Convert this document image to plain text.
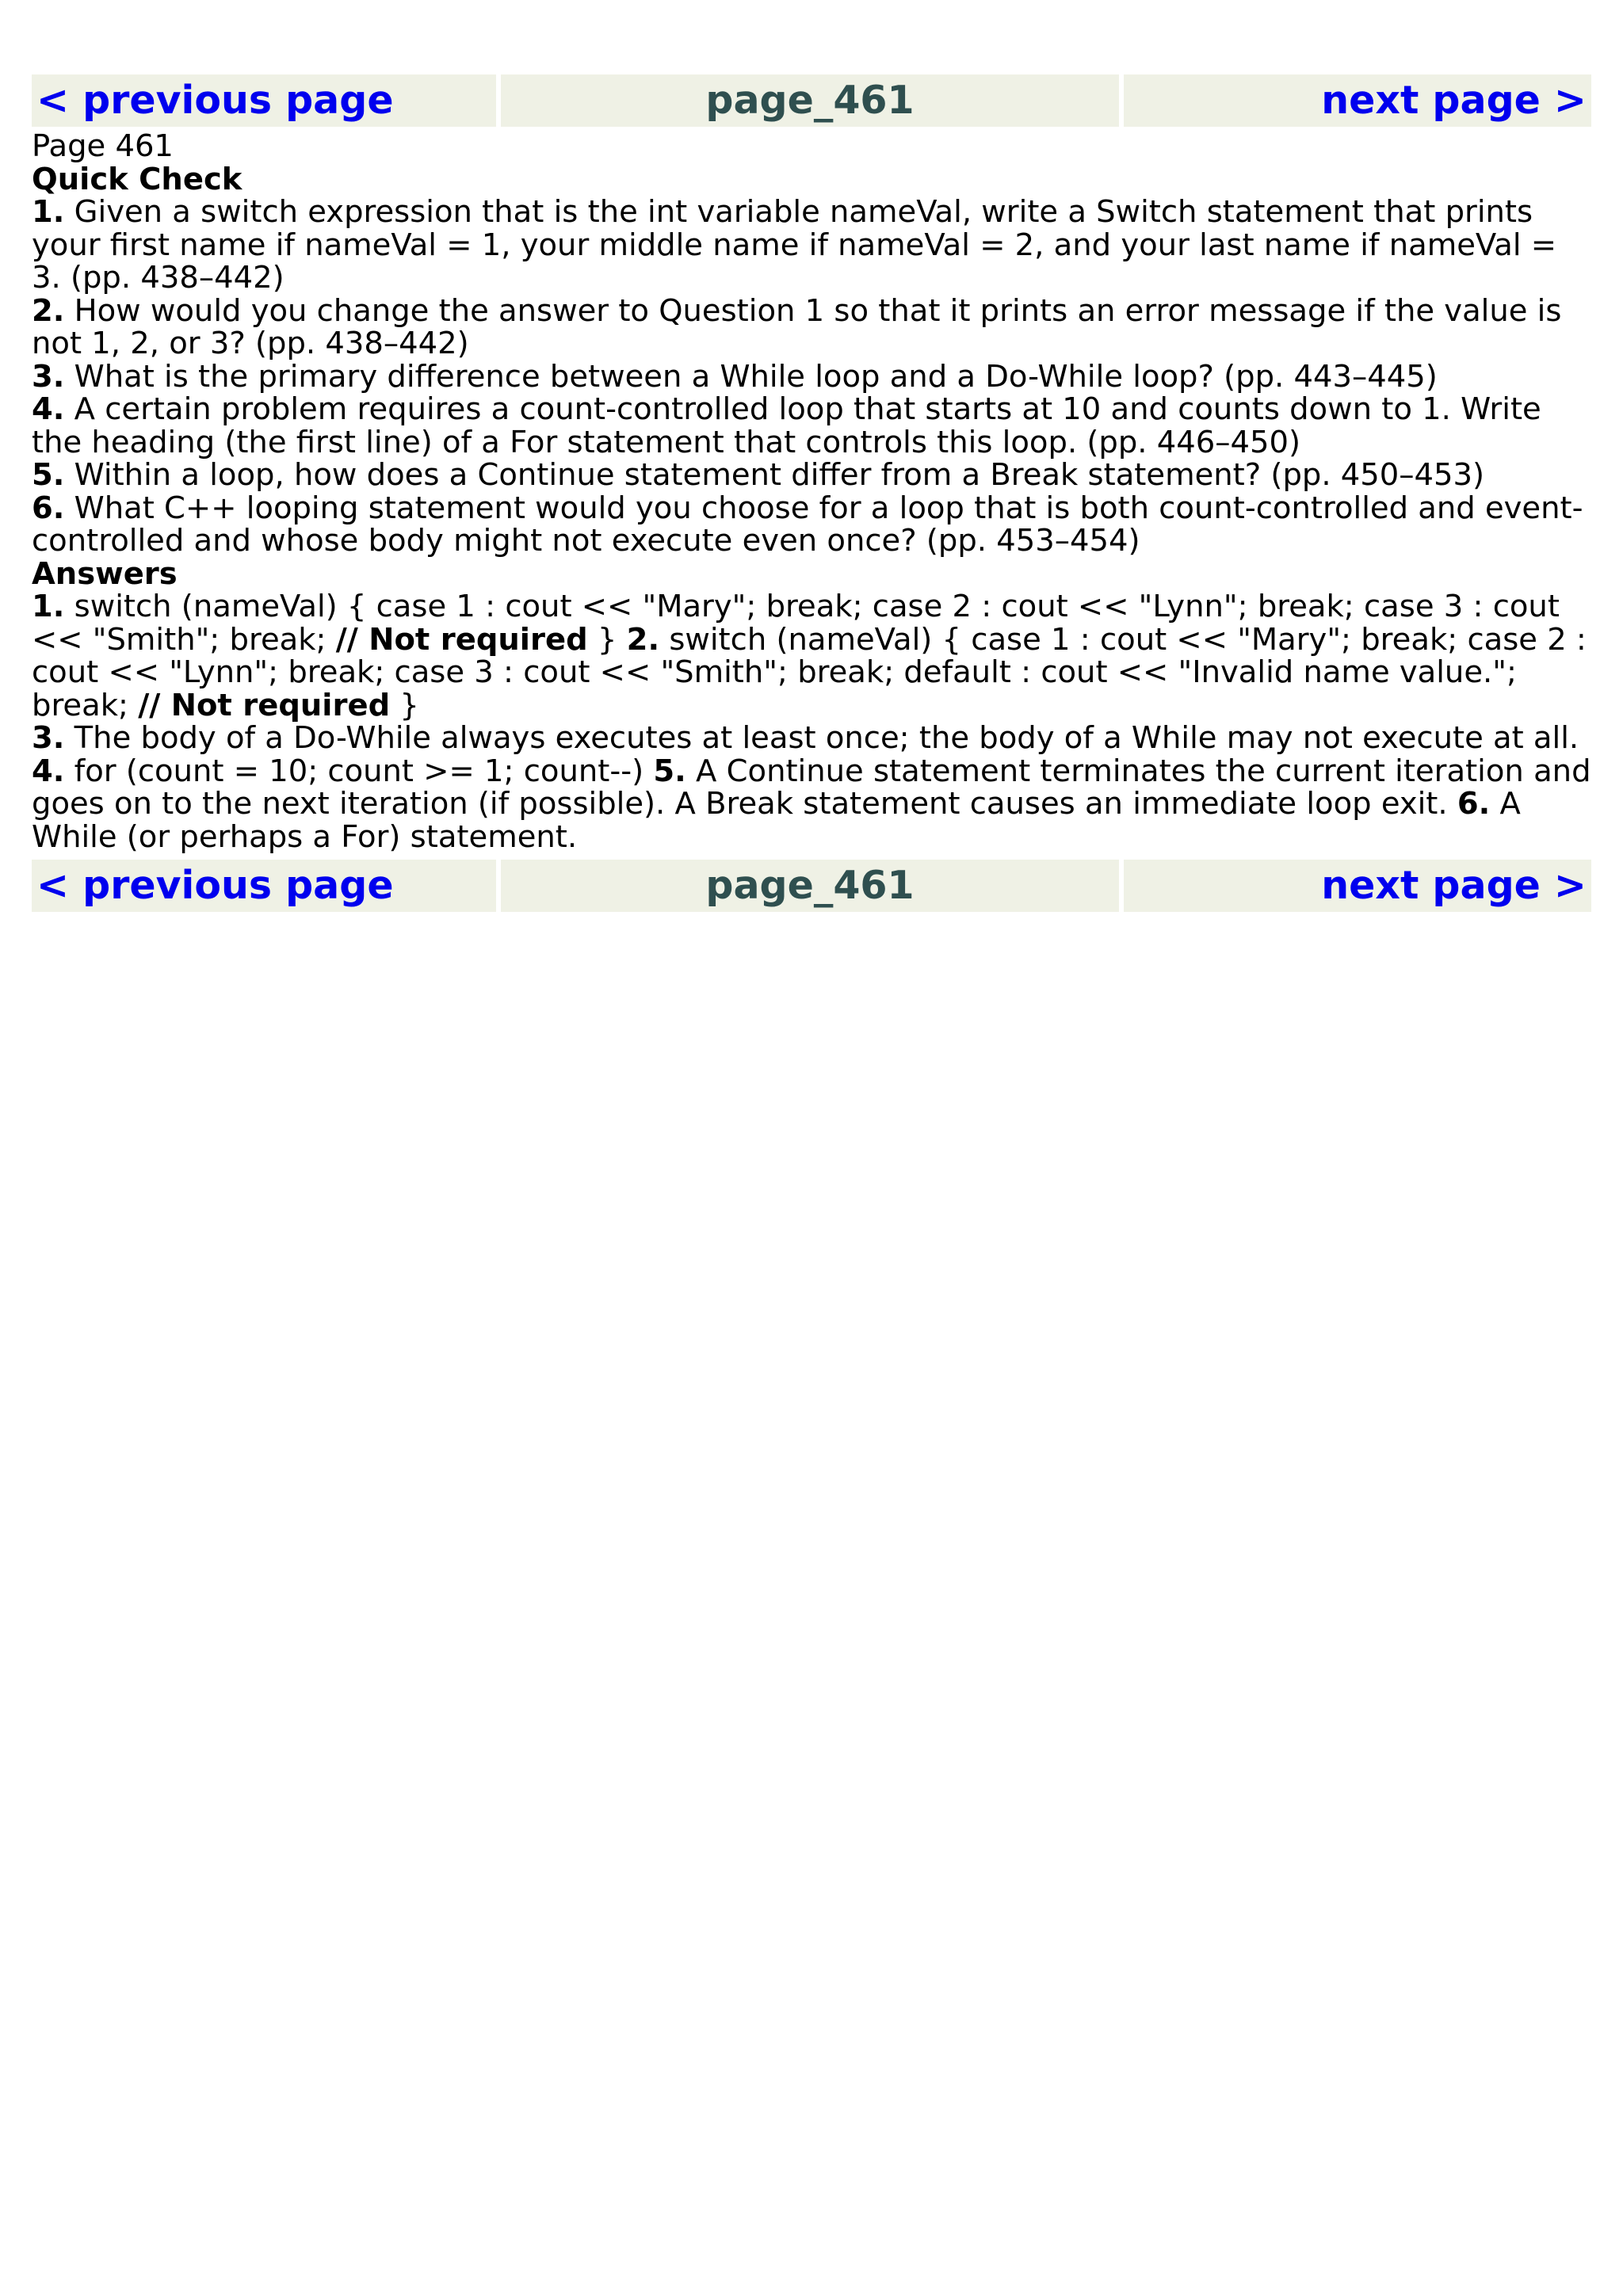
< previous page	page_461	next page >

Page 461

Quick Check

1. Given a switch expression that is the int variable nameVal, write a Switch statement that prints your first name if nameVal = 1, your middle name if nameVal = 2, and your last name if nameVal = 3. (pp. 438–442)

2. How would you change the answer to Question 1 so that it prints an error message if the value is not 1, 2, or 3? (pp. 438–442)

3. What is the primary difference between a While loop and a Do-While loop? (pp. 443–445)

4. A certain problem requires a count-controlled loop that starts at 10 and counts down to 1. Write the heading (the first line) of a For statement that controls this loop. (pp. 446–450)

5. Within a loop, how does a Continue statement differ from a Break statement? (pp. 450–453)

6. What C++ looping statement would you choose for a loop that is both count-controlled and event-controlled and whose body might not execute even once? (pp. 453–454)

Answers

1. switch (nameVal) { case 1 : cout << "Mary"; break; case 2 : cout << "Lynn"; break; case 3 : cout << "Smith"; break; // Not required } 2. switch (nameVal) { case 1 : cout << "Mary"; break; case 2 : cout << "Lynn"; break; case 3 : cout << "Smith"; break; default : cout << "Invalid name value."; break; // Not required }

3. The body of a Do-While always executes at least once; the body of a While may not execute at all. 4. for (count = 10; count >= 1; count--) 5. A Continue statement terminates the current iteration and goes on to the next iteration (if possible). A Break statement causes an immediate loop exit. 6. A While (or perhaps a For) statement.

< previous page	page_461	next page >
